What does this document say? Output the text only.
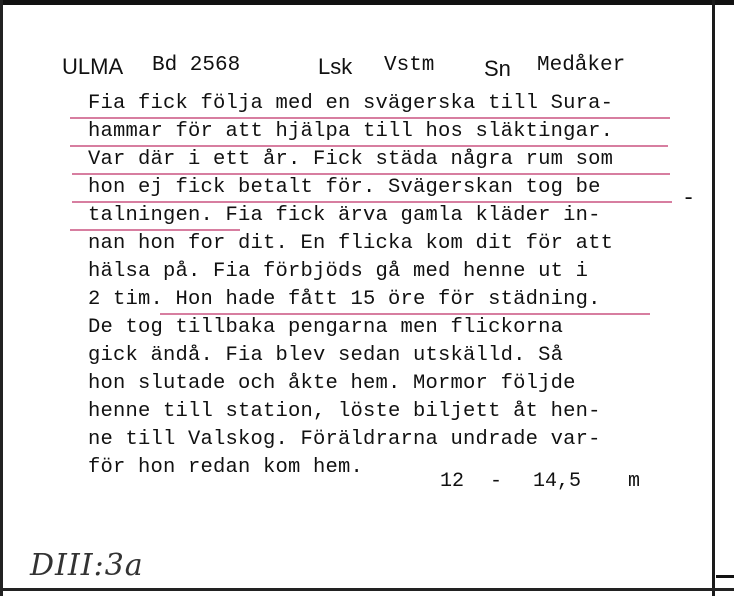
ULMA Bd 2568	Lsk Vstm Sn Medåker
Fia fick följa med en svägerska till Sura-
hammar för att hjälpa till hos släktingar.
Var där i ett år. Fick städa några rum som
hon ej fick betalt för. Svägerskan tog be
talningen. Fia fick ärva gamla kläder in-
nan hon for dit. En flicka kom dit för att
hälsa på. Fia förbjöds gå med henne ut i
2 tim. Hon hade fått 15 öre för städning.
De tog tillbaka pengarna men flickorna
gick ändå. Fia blev sedan utskälld. Så
hon slutade och åkte hem. Mormor följde
henne till station, löste biljett åt hen-
ne till Valskog. Föräldrarna undrade var-
för hon redan kom hem.
-
12 - 14,5 m
DIII:3a
